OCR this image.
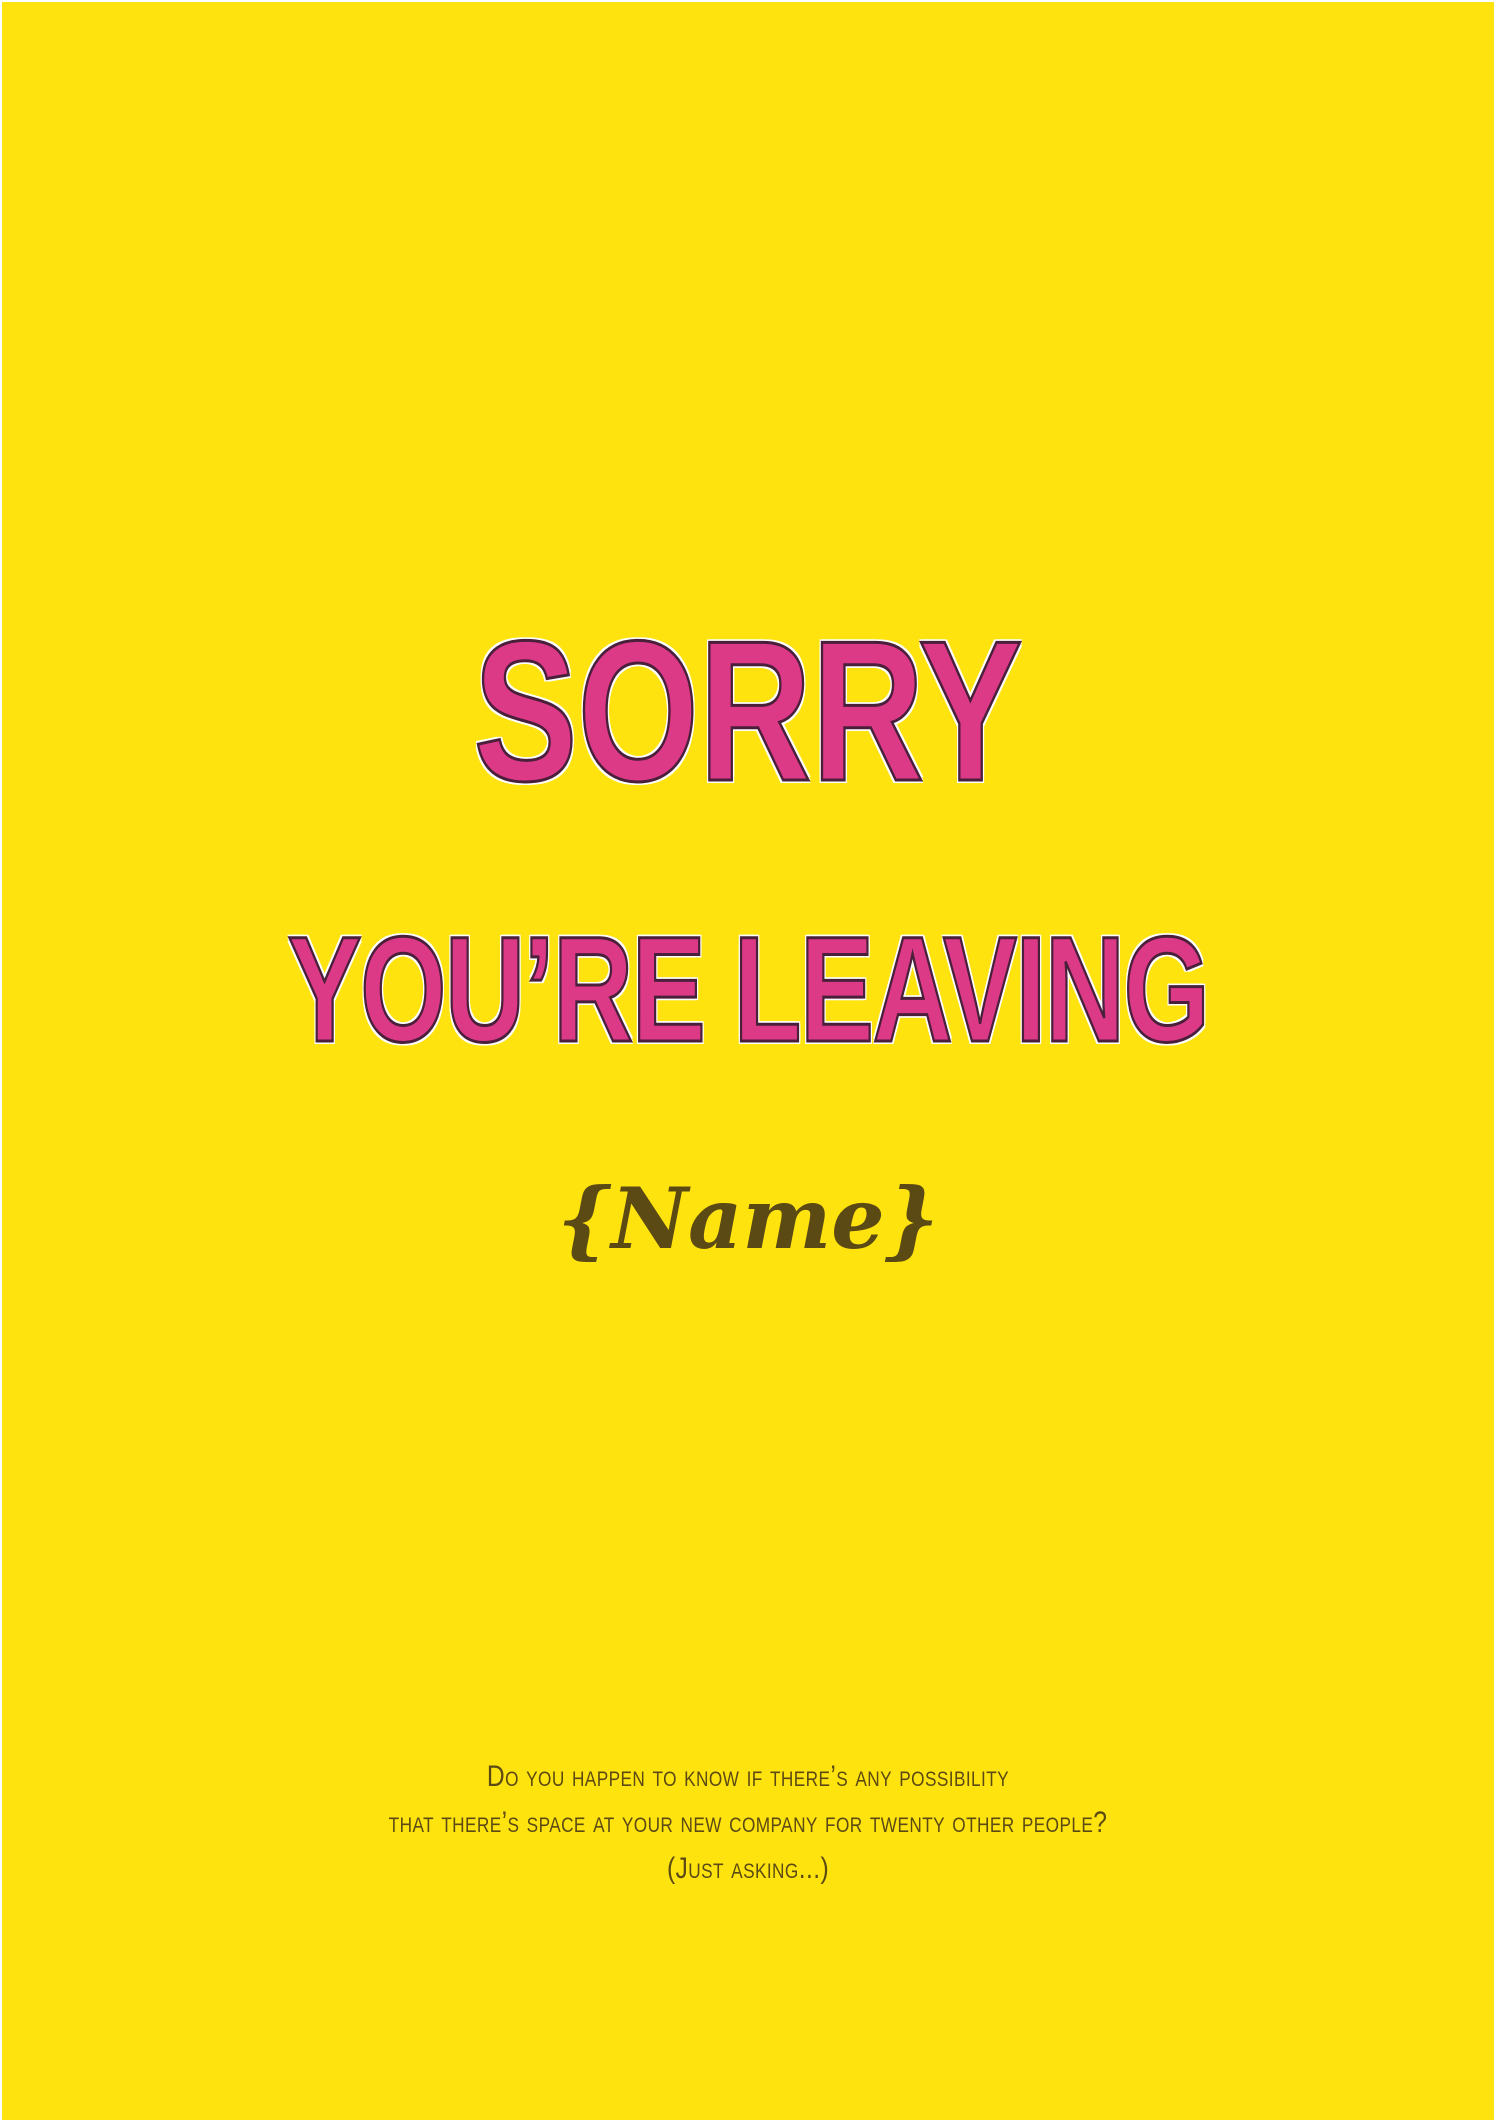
SORRY
YOU’RE LEAVING
{Name}
Do you happen to know if there’s any possibility
that there’s space at your new company for twenty other people?
(Just asking...)
